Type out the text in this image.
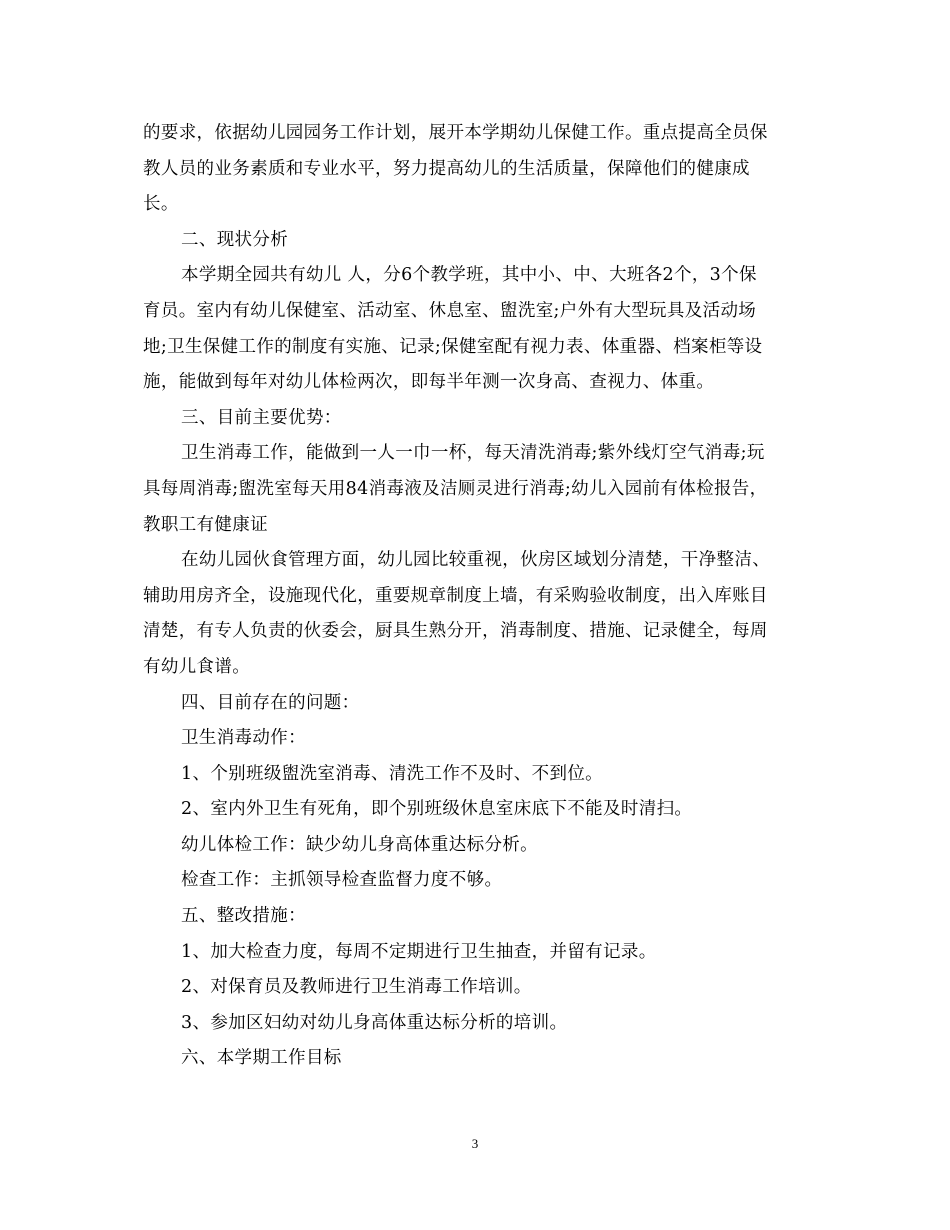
的要求，依据幼儿园园务工作计划，展开本学期幼儿保健工作。重点提高全员保
教人员的业务素质和专业水平，努力提高幼儿的生活质量，保障他们的健康成
长。

二、现状分析

本学期全园共有幼儿 人，分6个教学班，其中小、中、大班各2个，3个保
育员。室内有幼儿保健室、活动室、休息室、盥洗室;户外有大型玩具及活动场
地;卫生保健工作的制度有实施、记录;保健室配有视力表、体重器、档案柜等设
施，能做到每年对幼儿体检两次，即每半年测一次身高、查视力、体重。

三、目前主要优势：

卫生消毒工作，能做到一人一巾一杯，每天清洗消毒;紫外线灯空气消毒;玩
具每周消毒;盥洗室每天用84消毒液及洁厕灵进行消毒;幼儿入园前有体检报告，
教职工有健康证

在幼儿园伙食管理方面，幼儿园比较重视，伙房区域划分清楚，干净整洁、
辅助用房齐全，设施现代化，重要规章制度上墙，有采购验收制度，出入库账目
清楚，有专人负责的伙委会，厨具生熟分开，消毒制度、措施、记录健全，每周
有幼儿食谱。

四、目前存在的问题：

卫生消毒动作：

1、个别班级盥洗室消毒、清洗工作不及时、不到位。

2、室内外卫生有死角，即个别班级休息室床底下不能及时清扫。

幼儿体检工作：缺少幼儿身高体重达标分析。

检查工作：主抓领导检查监督力度不够。

五、整改措施：

1、加大检查力度，每周不定期进行卫生抽查，并留有记录。

2、对保育员及教师进行卫生消毒工作培训。

3、参加区妇幼对幼儿身高体重达标分析的培训。

六、本学期工作目标

3
